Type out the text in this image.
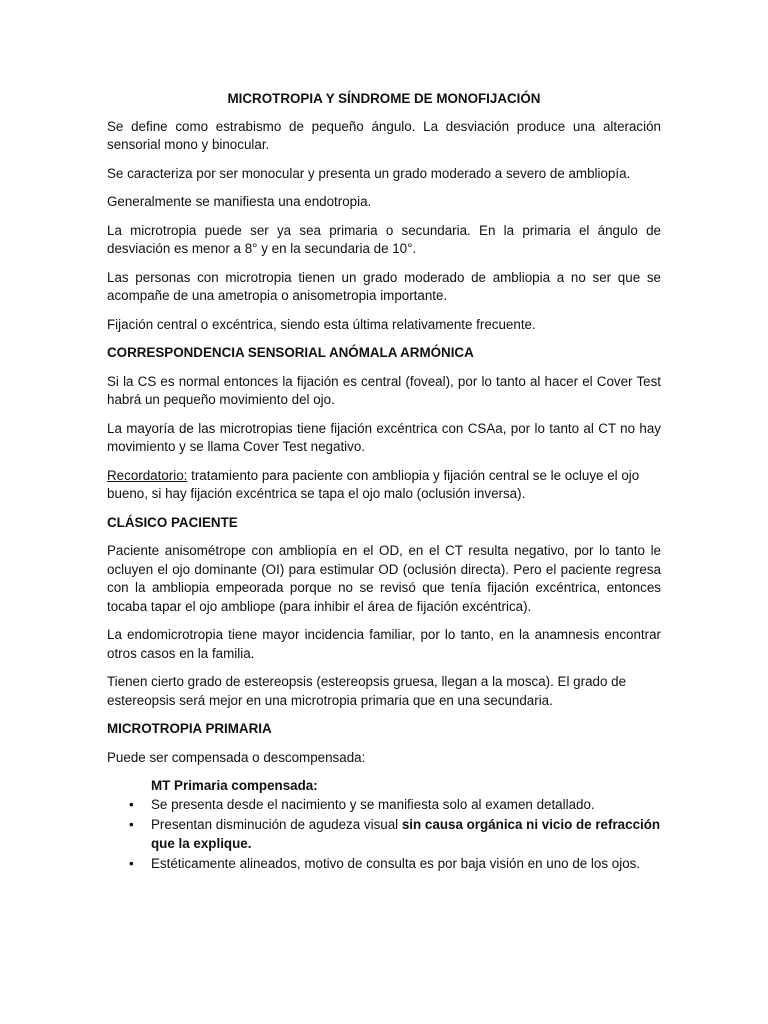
MICROTROPIA Y SÍNDROME DE MONOFIJACIÓN

Se define como estrabismo de pequeño ángulo. La desviación produce una alteración sensorial mono y binocular.

Se caracteriza por ser monocular y presenta un grado moderado a severo de ambliopía.

Generalmente se manifiesta una endotropia.

La microtropia puede ser ya sea primaria o secundaria. En la primaria el ángulo de desviación es menor a 8° y en la secundaria de 10°.

Las personas con microtropia tienen un grado moderado de ambliopia a no ser que se acompañe de una ametropia o anisometropia importante.

Fijación central o excéntrica, siendo esta última relativamente frecuente.

CORRESPONDENCIA SENSORIAL ANÓMALA ARMÓNICA

Si la CS es normal entonces la fijación es central (foveal), por lo tanto al hacer el Cover Test habrá un pequeño movimiento del ojo.

La mayoría de las microtropias tiene fijación excéntrica con CSAa, por lo tanto al CT no hay movimiento y se llama Cover Test negativo.

Recordatorio: tratamiento para paciente con ambliopia y fijación central se le ocluye el ojo bueno, si hay fijación excéntrica se tapa el ojo malo (oclusión inversa).

CLÁSICO PACIENTE

Paciente anisométrope con ambliopía en el OD, en el CT resulta negativo, por lo tanto le ocluyen el ojo dominante (OI) para estimular OD (oclusión directa). Pero el paciente regresa con la ambliopia empeorada porque no se revisó que tenía fijación excéntrica, entonces tocaba tapar el ojo ambliope (para inhibir el área de fijación excéntrica).

La endomicrotropia tiene mayor incidencia familiar, por lo tanto, en la anamnesis encontrar otros casos en la familia.

Tienen cierto grado de estereopsis (estereopsis gruesa, llegan a la mosca). El grado de estereopsis será mejor en una microtropia primaria que en una secundaria.

MICROTROPIA PRIMARIA

Puede ser compensada o descompensada:

MT Primaria compensada:
• Se presenta desde el nacimiento y se manifiesta solo al examen detallado.
• Presentan disminución de agudeza visual sin causa orgánica ni vicio de refracción que la explique.
• Estéticamente alineados, motivo de consulta es por baja visión en uno de los ojos.
